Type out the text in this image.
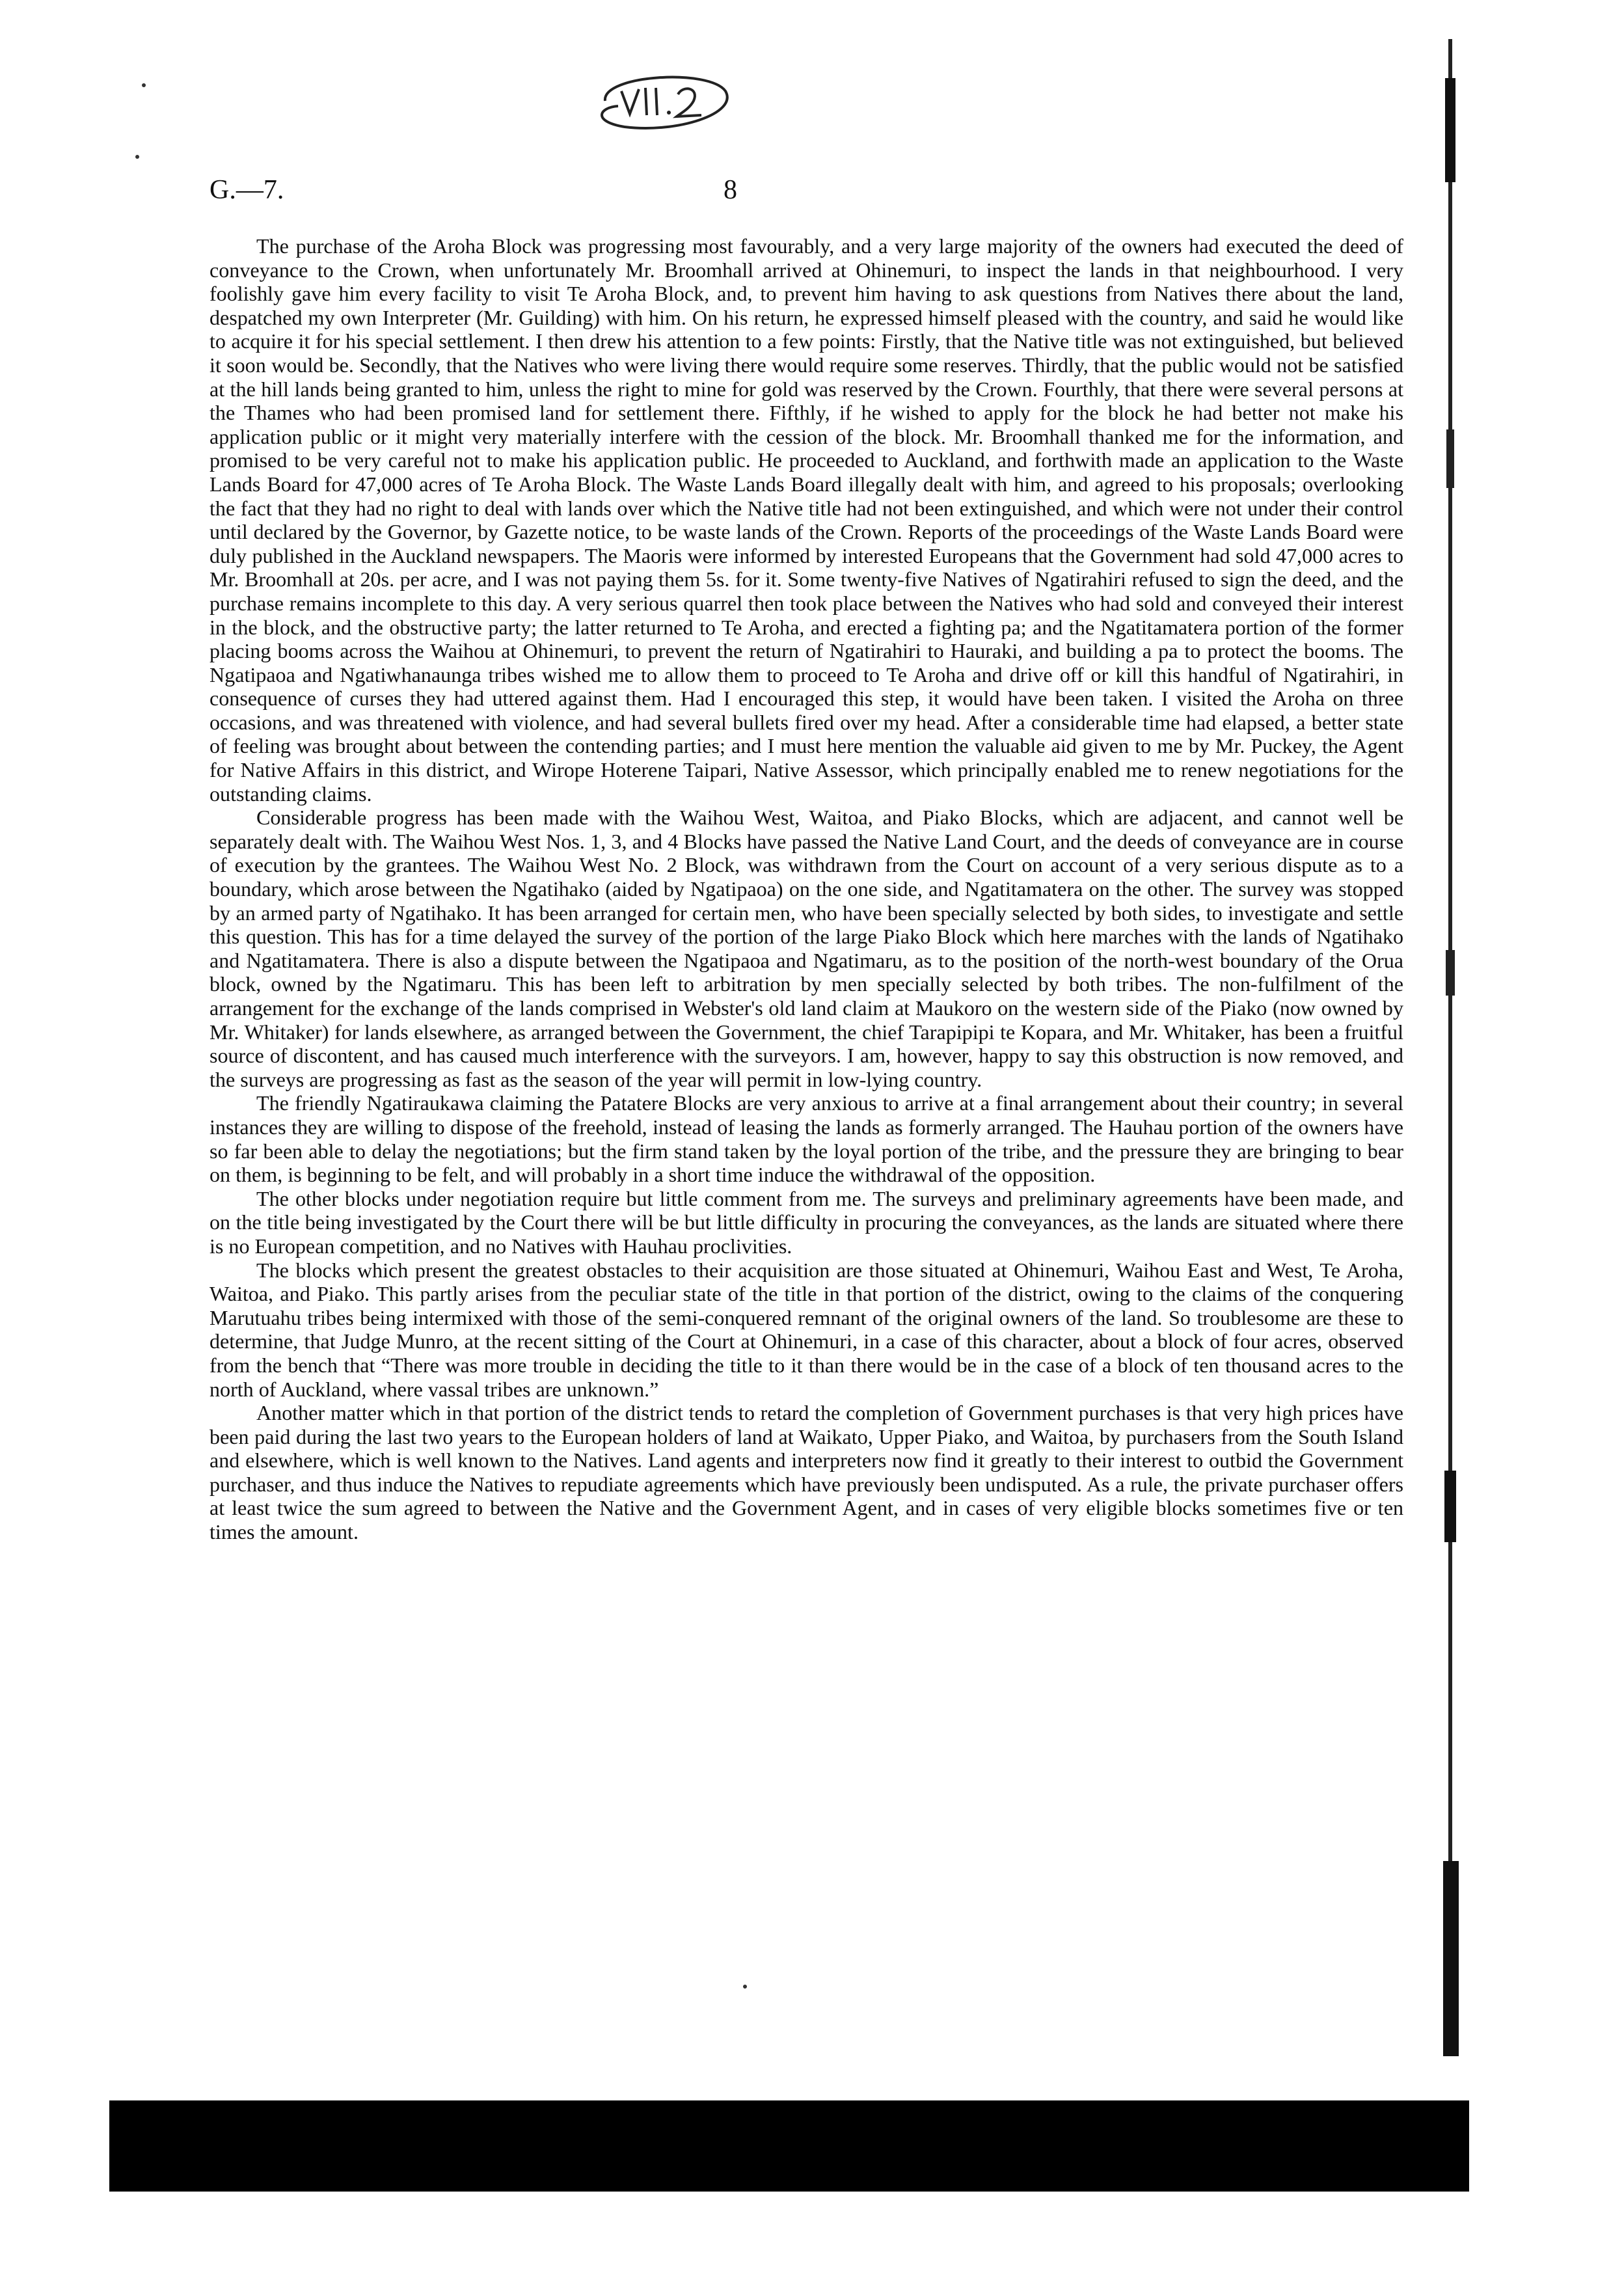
G.—7.	8

The purchase of the Aroha Block was progressing most favourably, and a very large majority of the owners had executed the deed of conveyance to the Crown, when unfortunately Mr. Broomhall arrived at Ohinemuri, to inspect the lands in that neighbourhood. I very foolishly gave him every facility to visit Te Aroha Block, and, to prevent him having to ask questions from Natives there about the land, despatched my own Interpreter (Mr. Guilding) with him. On his return, he expressed himself pleased with the country, and said he would like to acquire it for his special settlement. I then drew his attention to a few points: Firstly, that the Native title was not extinguished, but believed it soon would be. Secondly, that the Natives who were living there would require some reserves. Thirdly, that the public would not be satisfied at the hill lands being granted to him, unless the right to mine for gold was reserved by the Crown. Fourthly, that there were several persons at the Thames who had been promised land for settlement there. Fifthly, if he wished to apply for the block he had better not make his application public or it might very materially interfere with the cession of the block. Mr. Broomhall thanked me for the information, and promised to be very careful not to make his application public. He proceeded to Auckland, and forthwith made an application to the Waste Lands Board for 47,000 acres of Te Aroha Block. The Waste Lands Board illegally dealt with him, and agreed to his proposals; overlooking the fact that they had no right to deal with lands over which the Native title had not been extinguished, and which were not under their control until declared by the Governor, by Gazette notice, to be waste lands of the Crown. Reports of the proceedings of the Waste Lands Board were duly published in the Auckland newspapers. The Maoris were informed by interested Europeans that the Government had sold 47,000 acres to Mr. Broomhall at 20s. per acre, and I was not paying them 5s. for it. Some twenty-five Natives of Ngatirahiri refused to sign the deed, and the purchase remains incomplete to this day. A very serious quarrel then took place between the Natives who had sold and conveyed their interest in the block, and the obstructive party; the latter returned to Te Aroha, and erected a fighting pa; and the Ngatitamatera portion of the former placing booms across the Waihou at Ohinemuri, to prevent the return of Ngatirahiri to Hauraki, and building a pa to protect the booms. The Ngatipaoa and Ngatiwhanaunga tribes wished me to allow them to proceed to Te Aroha and drive off or kill this handful of Ngatirahiri, in consequence of curses they had uttered against them. Had I encouraged this step, it would have been taken. I visited the Aroha on three occasions, and was threatened with violence, and had several bullets fired over my head. After a considerable time had elapsed, a better state of feeling was brought about between the contending parties; and I must here mention the valuable aid given to me by Mr. Puckey, the Agent for Native Affairs in this district, and Wirope Hoterene Taipari, Native Assessor, which principally enabled me to renew negotiations for the outstanding claims.

Considerable progress has been made with the Waihou West, Waitoa, and Piako Blocks, which are adjacent, and cannot well be separately dealt with. The Waihou West Nos. 1, 3, and 4 Blocks have passed the Native Land Court, and the deeds of conveyance are in course of execution by the grantees. The Waihou West No. 2 Block, was withdrawn from the Court on account of a very serious dispute as to a boundary, which arose between the Ngatihako (aided by Ngatipaoa) on the one side, and Ngatitamatera on the other. The survey was stopped by an armed party of Ngatihako. It has been arranged for certain men, who have been specially selected by both sides, to investigate and settle this question. This has for a time delayed the survey of the portion of the large Piako Block which here marches with the lands of Ngatihako and Ngatitamatera. There is also a dispute between the Ngatipaoa and Ngatimaru, as to the position of the north-west boundary of the Orua block, owned by the Ngatimaru. This has been left to arbitration by men specially selected by both tribes. The non-fulfilment of the arrangement for the exchange of the lands comprised in Webster's old land claim at Maukoro on the western side of the Piako (now owned by Mr. Whitaker) for lands elsewhere, as arranged between the Government, the chief Tarapipipi te Kopara, and Mr. Whitaker, has been a fruitful source of discontent, and has caused much interference with the surveyors. I am, however, happy to say this obstruction is now removed, and the surveys are progressing as fast as the season of the year will permit in low-lying country.

The friendly Ngatiraukawa claiming the Patatere Blocks are very anxious to arrive at a final arrangement about their country; in several instances they are willing to dispose of the freehold, instead of leasing the lands as formerly arranged. The Hauhau portion of the owners have so far been able to delay the negotiations; but the firm stand taken by the loyal portion of the tribe, and the pressure they are bringing to bear on them, is beginning to be felt, and will probably in a short time induce the withdrawal of the opposition.

The other blocks under negotiation require but little comment from me. The surveys and preliminary agreements have been made, and on the title being investigated by the Court there will be but little difficulty in procuring the conveyances, as the lands are situated where there is no European competition, and no Natives with Hauhau proclivities.

The blocks which present the greatest obstacles to their acquisition are those situated at Ohinemuri, Waihou East and West, Te Aroha, Waitoa, and Piako. This partly arises from the peculiar state of the title in that portion of the district, owing to the claims of the conquering Marutuahu tribes being intermixed with those of the semi-conquered remnant of the original owners of the land. So troublesome are these to determine, that Judge Munro, at the recent sitting of the Court at Ohinemuri, in a case of this character, about a block of four acres, observed from the bench that “There was more trouble in deciding the title to it than there would be in the case of a block of ten thousand acres to the north of Auckland, where vassal tribes are unknown.”

Another matter which in that portion of the district tends to retard the completion of Government purchases is that very high prices have been paid during the last two years to the European holders of land at Waikato, Upper Piako, and Waitoa, by purchasers from the South Island and elsewhere, which is well known to the Natives. Land agents and interpreters now find it greatly to their interest to outbid the Government purchaser, and thus induce the Natives to repudiate agreements which have previously been undisputed. As a rule, the private purchaser offers at least twice the sum agreed to between the Native and the Government Agent, and in cases of very eligible blocks sometimes five or ten times the amount.
